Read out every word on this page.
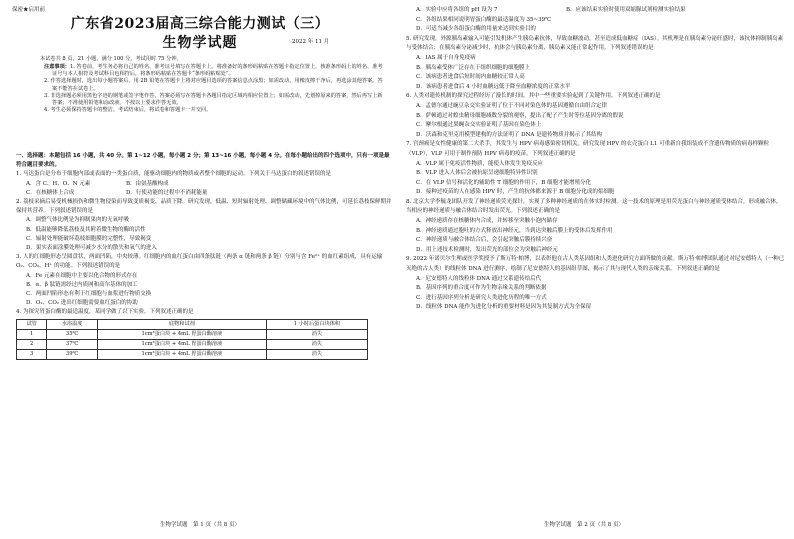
保密★启用前
广东省2023届高三综合能力测试（三）
生物学试题	2022 年 11 月
本试卷共 8 页，21 小题，满分 100 分，考试用时 75 分钟。
注意事项：1. 答卷前，考生务必将自己的姓名、准考证号填写在答题卡上。将准备好的条形码粘贴在答题卡指定位置上，核准条形码上的姓名、准考证号与本人相符及考试科目也相符后，将条形码粘贴在答题卡“条形码粘贴处”。
2. 作答选择题时，选出每小题答案后，用 2B 铅笔在答题卡上将对应题目选项的答案信息点涂黑；如需改动，用橡皮擦干净后，再选涂其他答案。答案不能答在试卷上。
3. 非选择题必须用黑色字迹的钢笔或签字笔作答，答案必须写在答题卡各题目指定区域内相应位置上；如需改动，先划掉原来的答案，然后再写上新答案；不准使用铅笔和涂改液。不按以上要求作答无效。
4. 考生必须保持答题卡的整洁。考试结束后，将试卷和答题卡一并交回。
一、选择题：本题包括 16 小题，共 40 分。第 1~12 小题，每小题 2 分；第 13~16 小题，每小题 4 分。在每小题给出的四个选项中，只有一项是最符合题目要求的。
1. 马达蛋白是分布于细胞内部或表面的一类蛋白质，能驱动细胞内的物质或者整个细胞的运动。下列关于马达蛋白的叙述错误的是
A．含 C、H、O、N 元素	B．由氨基酸构成
C．在核糖体上合成	D．行使功能的过程中不消耗能量
2. 荔枝采摘后易受机械损伤和微生物侵染而导致变质褐变，品质下降。研究发现，低温、短时辐射处理、调整储藏环境中的气体比例，可延长荔枝保鲜期并保持其营养。下列叙述错误的是
A．调整气体比例是为抑制果肉的无氧呼吸
B．低温能够降低荔枝及其附着微生物的酶的活性
C．辐射处理能破坏荔枝细胞膜的完整性，导致褐变
D．果实表面涂膜处理可减少水分的散失和氧气的进入
3. 人的红细胞形态呈圆盘状，两面凹陷，中央较薄。红细胞内的血红蛋白由四条肽链（两条 α 链和两条 β 链）分别与含 Fe²⁺ 的血红素组成，具有运输 O₂、CO₂、H⁺ 的功能。下列叙述错误的是
A．Fe 元素在细胞中主要以化合物的形式存在
B．α、β 肽链需经过内质网和高尔基体的加工
C．两面凹陷形态有利于红细胞与血浆进行物质交换
D．O₂、CO₂ 进出红细胞需要血红蛋白的协助
4. 为探究胃蛋白酶的最适温度，某同学做了以下实验。下列叙述正确的是
试管	水浴温度	底物和试剂	1 小时后蛋白块体积
1	35℃	1cm³蛋白块 + 4mL 胃蛋白酶溶液	消失
2	37℃	1cm³蛋白块 + 4mL 胃蛋白酶溶液	消失
3	39℃	1cm³蛋白块 + 4mL 胃蛋白酶溶液	消失
生物学试题　第 1 页（共 8 页）
A．实验中应将各组的 pH 设为 7	B．应该结束实验时使用双缩脲试剂检测实验结果
C．各组结果相同说明胃蛋白酶的最适温度为 35~39℃
D．可适当减少各组蛋白酶的用量来达到实验目的
5. 研究发现，外源胰岛素输入可能引发机体产生胰岛素抗体，导致血糖波动，甚至造成低血糖症（IAS）。其机理是在胰岛素分泌旺盛时，该抗体抑制胰岛素与受体结合；在胰岛素分泌减少时，抗体会与胰岛素分离，胰岛素又能正常起作用。下列叙述错误的是
A．IAS 属于自身免疫病
B．胰岛素受体广泛存在于组织细胞的细胞膜上
C．该病患者进食后短时间内血糖较正常人高
D．该病患者进食后 4 小时血糖远低于降至血糖浓度的正常水平
6. 人类对遗传机制的探究过程经历了漫长的时间，其中一些重要实验起到了关键作用。下列叙述正确的是
A．孟德尔通过豌豆杂交实验证明了位于不同对染色体的基因遵循自由组合定律
B．萨顿通过对蝗虫精母细胞减数分裂的观察，提出了配子产生时等位基因分离的假说
C．摩尔根通过果蝇杂交实验证明了基因在染色体上
D．沃森和克里克用模型建构的方法证明了 DNA 是遗传物质并揭示了其结构
7. 宫颈癌是女性健康的第二大杀手，其发生与 HPV 病毒感染密切相关。研究发现 HPV 的衣壳蛋白 L1 可重新自我组装成不含遗传物质的病毒样颗粒（VLP），VLP 可用于制作预防 HPV 病毒的疫苗。下列叙述正确的是
A．VLP 属于免疫活性物质，能使人体发生免疫反应
B．VLP 进入人体后会被抗原呈递细胞特异性识别
C．在 VLP 信号和活化的辅助性 T 细胞的作用下，B 细胞才能增殖分化
D．接种过疫苗的人在感染 HPV 时，产生的抗体都来源于 B 细胞分化成的浆细胞
8. 北京大学李毓龙团队开发了神经递质荧光探针，实现了多种神经递质的在体实时检测。这一技术的原理是用荧光蛋白与神经递质受体结合，形成融合体，当相应的神经递质与融合体结合时发出荧光。下列叙述正确的是
A．神经递质存在核糖体内合成，并转移至突触小泡内储存
B．神经递质通过胞吐的方式释放出神经元，当到达突触后膜上的受体后发挥作用
C．神经递质与融合体结合后，会引起突触后膜持续兴奋
D．用上述技术检测时，发出荧光的部位会为突触后神经元
9. 2022 年诺贝尔生理或医学奖授予了斯万特·帕博，以表彰他在古人类基因组和人类进化研究方面所做的贡献。斯万特·帕博团队通过对尼安德特人（一种已灭绝的古人类）的线粒体 DNA 进行测序，绘制了尼安德特人的基因组草图，揭示了其与现代人类的亲缘关系。下列叙述正确的是
A．尼安德特人的线粒体 DNA 通过父系遗传给后代
B．基因序列的重合度可作为生物亲缘关系的判断依据
C．进行基因序列分析是研究人类进化历程的唯一方式
D．线粒体 DNA 能作为进化分析的重要材料是因为其复制方式为全保留
生物学试题　第 2 页（共 8 页）
